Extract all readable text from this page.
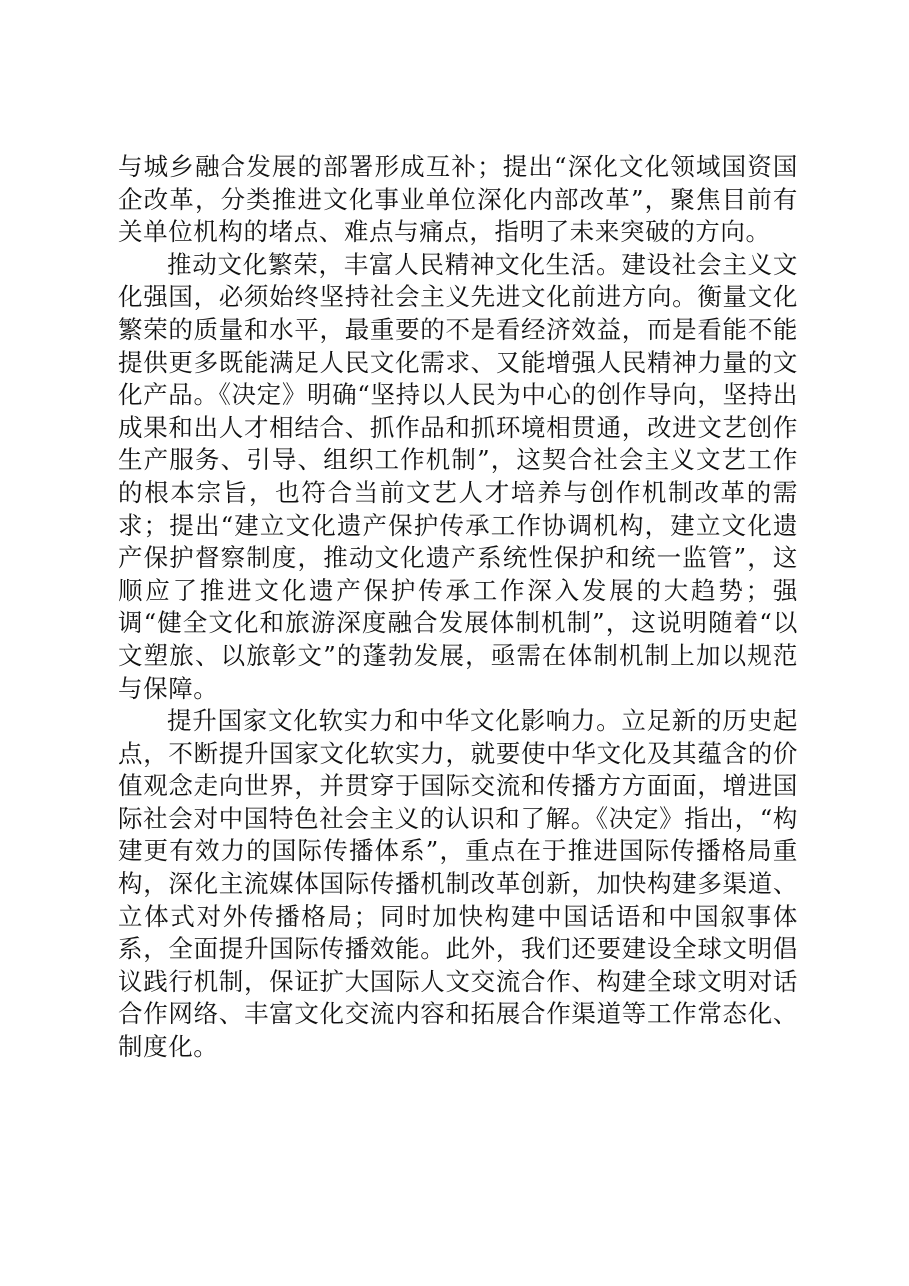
与城乡融合发展的部署形成互补；提出“深化文化领域国资国企改革，分类推进文化事业单位深化内部改革”，聚焦目前有关单位机构的堵点、难点与痛点，指明了未来突破的方向。

推动文化繁荣，丰富人民精神文化生活。建设社会主义文化强国，必须始终坚持社会主义先进文化前进方向。衡量文化繁荣的质量和水平，最重要的不是看经济效益，而是看能不能提供更多既能满足人民文化需求、又能增强人民精神力量的文化产品。《决定》明确“坚持以人民为中心的创作导向，坚持出成果和出人才相结合、抓作品和抓环境相贯通，改进文艺创作生产服务、引导、组织工作机制”，这契合社会主义文艺工作的根本宗旨，也符合当前文艺人才培养与创作机制改革的需求；提出“建立文化遗产保护传承工作协调机构，建立文化遗产保护督察制度，推动文化遗产系统性保护和统一监管”，这顺应了推进文化遗产保护传承工作深入发展的大趋势；强调“健全文化和旅游深度融合发展体制机制”，这说明随着“以文塑旅、以旅彰文”的蓬勃发展，亟需在体制机制上加以规范与保障。

提升国家文化软实力和中华文化影响力。立足新的历史起点，不断提升国家文化软实力，就要使中华文化及其蕴含的价值观念走向世界，并贯穿于国际交流和传播方方面面，增进国际社会对中国特色社会主义的认识和了解。《决定》指出，“构建更有效力的国际传播体系”，重点在于推进国际传播格局重构，深化主流媒体国际传播机制改革创新，加快构建多渠道、立体式对外传播格局；同时加快构建中国话语和中国叙事体系，全面提升国际传播效能。此外，我们还要建设全球文明倡议践行机制，保证扩大国际人文交流合作、构建全球文明对话合作网络、丰富文化交流内容和拓展合作渠道等工作常态化、制度化。
